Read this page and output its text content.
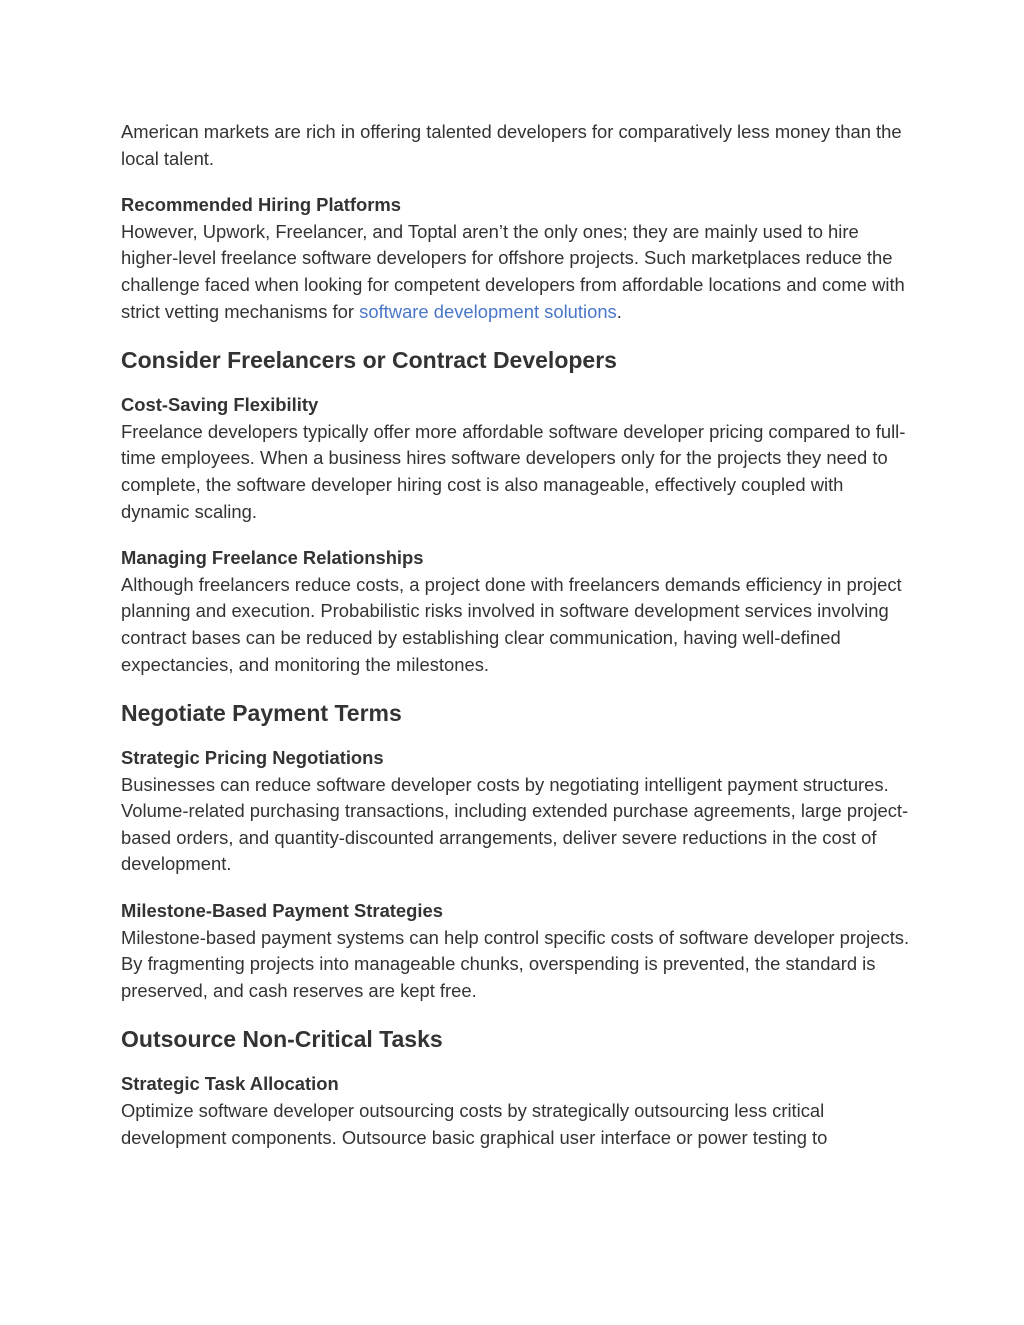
American markets are rich in offering talented developers for comparatively less money than the local talent.

Recommended Hiring Platforms

However, Upwork, Freelancer, and Toptal aren’t the only ones; they are mainly used to hire higher-level freelance software developers for offshore projects. Such marketplaces reduce the challenge faced when looking for competent developers from affordable locations and come with strict vetting mechanisms for software development solutions.

Consider Freelancers or Contract Developers
Cost-Saving Flexibility

Freelance developers typically offer more affordable software developer pricing compared to full-time employees. When a business hires software developers only for the projects they need to complete, the software developer hiring cost is also manageable, effectively coupled with dynamic scaling.

Managing Freelance Relationships

Although freelancers reduce costs, a project done with freelancers demands efficiency in project planning and execution. Probabilistic risks involved in software development services involving contract bases can be reduced by establishing clear communication, having well-defined expectancies, and monitoring the milestones.

Negotiate Payment Terms
Strategic Pricing Negotiations

Businesses can reduce software developer costs by negotiating intelligent payment structures. Volume-related purchasing transactions, including extended purchase agreements, large project-based orders, and quantity-discounted arrangements, deliver severe reductions in the cost of development.

Milestone-Based Payment Strategies

Milestone-based payment systems can help control specific costs of software developer projects. By fragmenting projects into manageable chunks, overspending is prevented, the standard is preserved, and cash reserves are kept free.

Outsource Non-Critical Tasks
Strategic Task Allocation

Optimize software developer outsourcing costs by strategically outsourcing less critical development components. Outsource basic graphical user interface or power testing to
